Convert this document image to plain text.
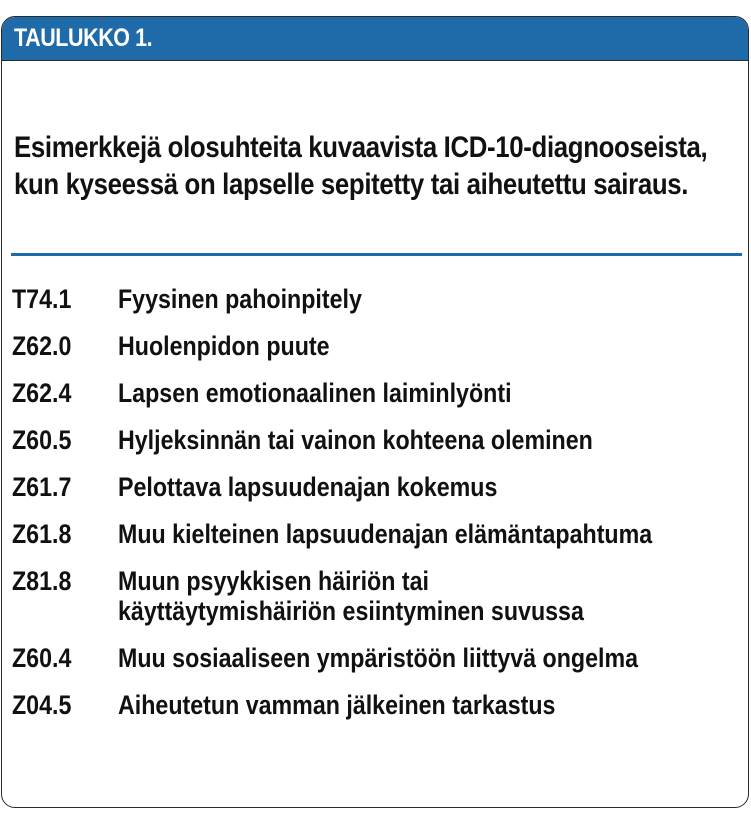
TAULUKKO 1.
Esimerkkejä olosuhteita kuvaavista ICD-10-diagnooseista, kun kyseessä on lapselle sepitetty tai aiheutettu sairaus.
T74.1	Fyysinen pahoinpitely
Z62.0	Huolenpidon puute
Z62.4	Lapsen emotionaalinen laiminlyönti
Z60.5	Hyljeksinnän tai vainon kohteena oleminen
Z61.7	Pelottava lapsuudenajan kokemus
Z61.8	Muu kielteinen lapsuudenajan elämäntapahtuma
Z81.8	Muun psyykkisen häiriön tai käyttäytymishäiriön esiintyminen suvussa
Z60.4	Muu sosiaaliseen ympäristöön liittyvä ongelma
Z04.5	Aiheutetun vamman jälkeinen tarkastus
